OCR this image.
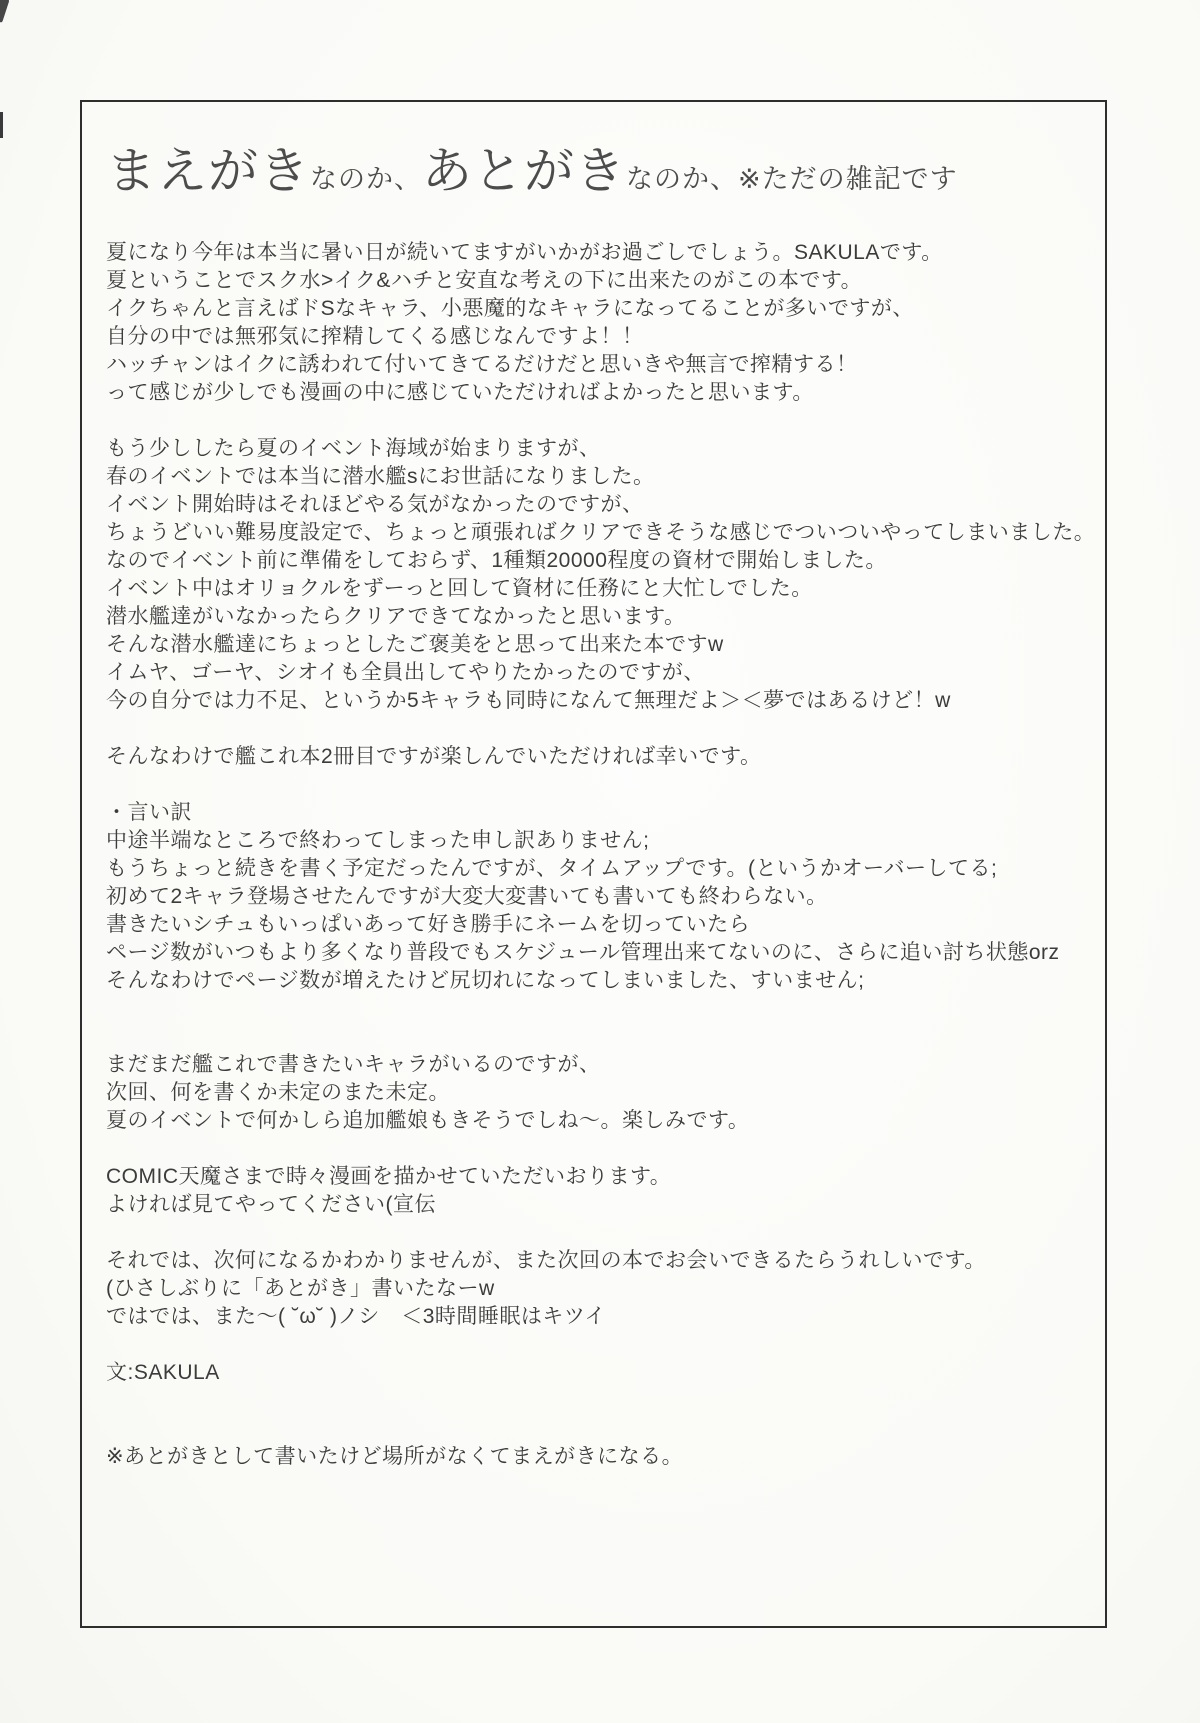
まえがきなのか、あとがきなのか、※ただの雑記です
夏になり今年は本当に暑い日が続いてますがいかがお過ごしでしょう。SAKULAです。
夏ということでスク水>イク&ハチと安直な考えの下に出来たのがこの本です。
イクちゃんと言えばドSなキャラ、小悪魔的なキャラになってることが多いですが、
自分の中では無邪気に搾精してくる感じなんですよ！！
ハッチャンはイクに誘われて付いてきてるだけだと思いきや無言で搾精する！
って感じが少しでも漫画の中に感じていただければよかったと思います。
もう少ししたら夏のイベント海域が始まりますが、
春のイベントでは本当に潜水艦sにお世話になりました。
イベント開始時はそれほどやる気がなかったのですが、
ちょうどいい難易度設定で、ちょっと頑張ればクリアできそうな感じでついついやってしまいました。
なのでイベント前に準備をしておらず、1種類20000程度の資材で開始しました。
イベント中はオリョクルをずーっと回して資材に任務にと大忙しでした。
潜水艦達がいなかったらクリアできてなかったと思います。
そんな潜水艦達にちょっとしたご褒美をと思って出来た本ですw
イムヤ、ゴーヤ、シオイも全員出してやりたかったのですが、
今の自分では力不足、というか5キャラも同時になんて無理だよ＞＜夢ではあるけど！w
そんなわけで艦これ本2冊目ですが楽しんでいただければ幸いです。
・言い訳
中途半端なところで終わってしまった申し訳ありません;
もうちょっと続きを書く予定だったんですが、タイムアップです。(というかオーバーしてる;
初めて2キャラ登場させたんですが大変大変書いても書いても終わらない。
書きたいシチュもいっぱいあって好き勝手にネームを切っていたら
ページ数がいつもより多くなり普段でもスケジュール管理出来てないのに、さらに追い討ち状態orz
そんなわけでページ数が増えたけど尻切れになってしまいました、すいません;
まだまだ艦これで書きたいキャラがいるのですが、
次回、何を書くか未定のまた未定。
夏のイベントで何かしら追加艦娘もきそうでしね～。楽しみです。
COMIC天魔さまで時々漫画を描かせていただいおります。
よければ見てやってください(宣伝
それでは、次何になるかわかりませんが、また次回の本でお会いできるたらうれしいです。
(ひさしぶりに「あとがき」書いたなーw
ではでは、また～( ˘ω˘ )ノシ　＜3時間睡眠はキツイ
文:SAKULA
※あとがきとして書いたけど場所がなくてまえがきになる。
